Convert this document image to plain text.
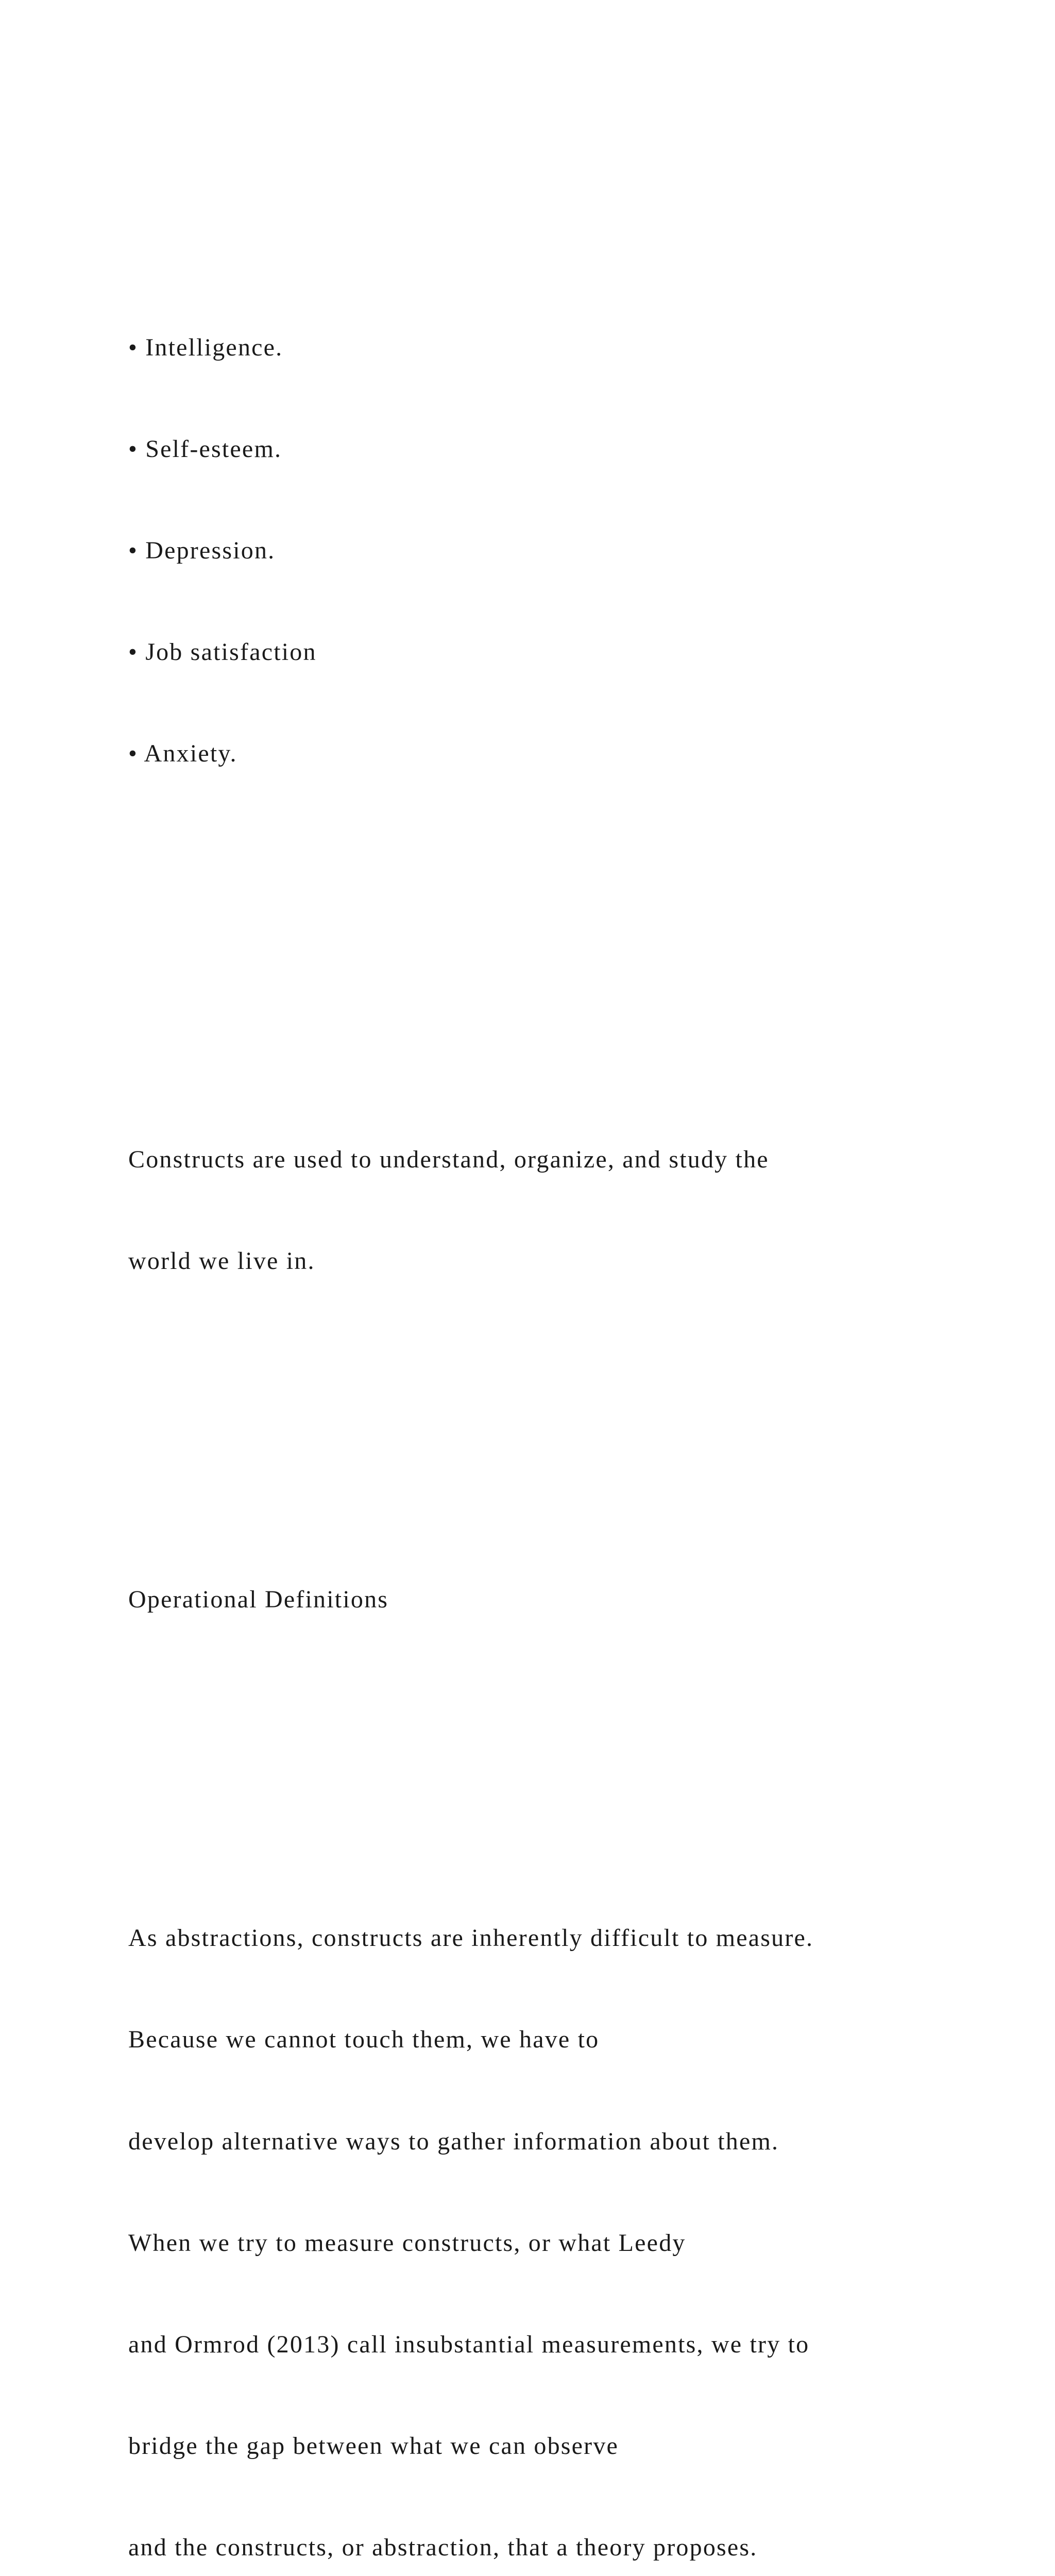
• Intelligence.

• Self-esteem.

• Depression.

• Job satisfaction

• Anxiety.

Constructs are used to understand, organize, and study the

world we live in.

Operational Definitions

As abstractions, constructs are inherently difficult to measure.

Because we cannot touch them, we have to

develop alternative ways to gather information about them.

When we try to measure constructs, or what Leedy

and Ormrod (2013) call insubstantial measurements, we try to

bridge the gap between what we can observe

and the constructs, or abstraction, that a theory proposes.
